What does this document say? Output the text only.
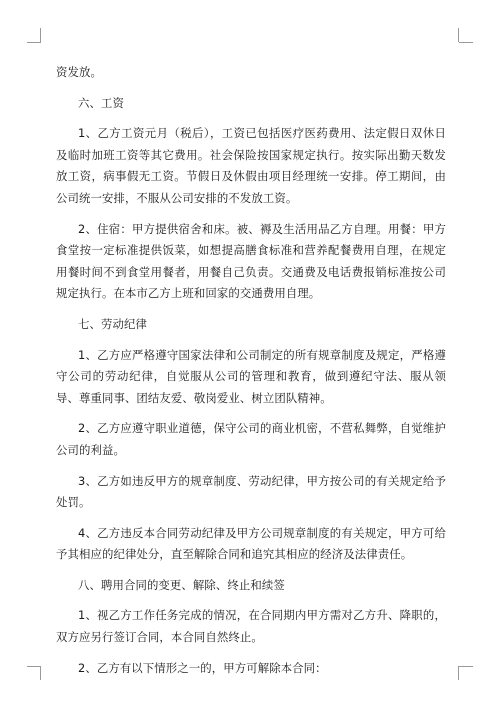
资发放。

六、工资

1、乙方工资元月（税后），工资已包括医疗医药费用、法定假日双休日及临时加班工资等其它费用。社会保险按国家规定执行。按实际出勤天数发放工资，病事假无工资。节假日及休假由项目经理统一安排。停工期间，由公司统一安排，不服从公司安排的不发放工资。

2、住宿：甲方提供宿舍和床。被、褥及生活用品乙方自理。用餐：甲方食堂按一定标准提供饭菜，如想提高膳食标准和营养配餐费用自理，在规定用餐时间不到食堂用餐者，用餐自己负责。交通费及电话费报销标准按公司规定执行。在本市乙方上班和回家的交通费用自理。

七、劳动纪律

1、乙方应严格遵守国家法律和公司制定的所有规章制度及规定，严格遵守公司的劳动纪律，自觉服从公司的管理和教育，做到遵纪守法、服从领导、尊重同事、团结友爱、敬岗爱业、树立团队精神。

2、乙方应遵守职业道德，保守公司的商业机密，不营私舞弊，自觉维护公司的利益。

3、乙方如违反甲方的规章制度、劳动纪律，甲方按公司的有关规定给予处罚。

4、乙方违反本合同劳动纪律及甲方公司规章制度的有关规定，甲方可给予其相应的纪律处分，直至解除合同和追究其相应的经济及法律责任。

八、聘用合同的变更、解除、终止和续签

1、视乙方工作任务完成的情况，在合同期内甲方需对乙方升、降职的，双方应另行签订合同，本合同自然终止。

2、乙方有以下情形之一的，甲方可解除本合同：
